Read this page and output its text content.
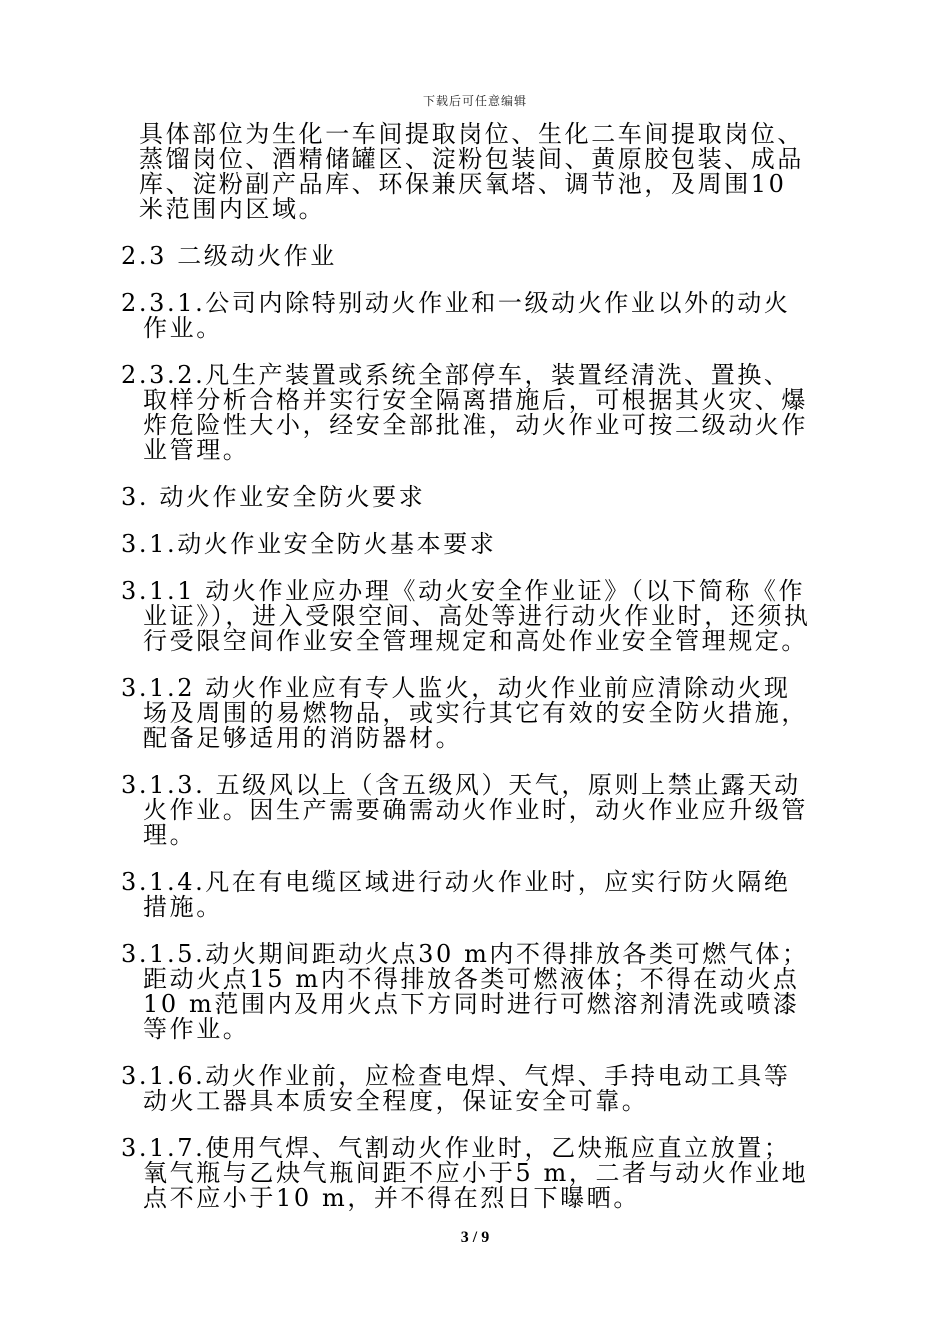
下载后可任意编辑

具体部位为生化一车间提取岗位、生化二车间提取岗位、蒸馏岗位、酒精储罐区、淀粉包装间、黄原胶包装、成品库、淀粉副产品库、环保兼厌氧塔、调节池，及周围10米范围内区域。

2.3 二级动火作业

2.3.1.公司内除特别动火作业和一级动火作业以外的动火作业。

2.3.2.凡生产装置或系统全部停车，装置经清洗、置换、取样分析合格并实行安全隔离措施后，可根据其火灾、爆炸危险性大小，经安全部批准，动火作业可按二级动火作业管理。

3. 动火作业安全防火要求

3.1.动火作业安全防火基本要求

3.1.1 动火作业应办理《动火安全作业证》（以下简称《作业证》），进入受限空间、高处等进行动火作业时，还须执行受限空间作业安全管理规定和高处作业安全管理规定。

3.1.2 动火作业应有专人监火，动火作业前应清除动火现场及周围的易燃物品，或实行其它有效的安全防火措施，配备足够适用的消防器材。

3.1.3. 五级风以上（含五级风）天气，原则上禁止露天动火作业。因生产需要确需动火作业时，动火作业应升级管理。

3.1.4.凡在有电缆区域进行动火作业时，应实行防火隔绝措施。

3.1.5.动火期间距动火点30 m内不得排放各类可燃气体；距动火点15 m内不得排放各类可燃液体；不得在动火点10 m范围内及用火点下方同时进行可燃溶剂清洗或喷漆等作业。

3.1.6.动火作业前，应检查电焊、气焊、手持电动工具等动火工器具本质安全程度，保证安全可靠。

3.1.7.使用气焊、气割动火作业时，乙炔瓶应直立放置；氧气瓶与乙炔气瓶间距不应小于5 m，二者与动火作业地点不应小于10 m，并不得在烈日下曝晒。

3 / 9
